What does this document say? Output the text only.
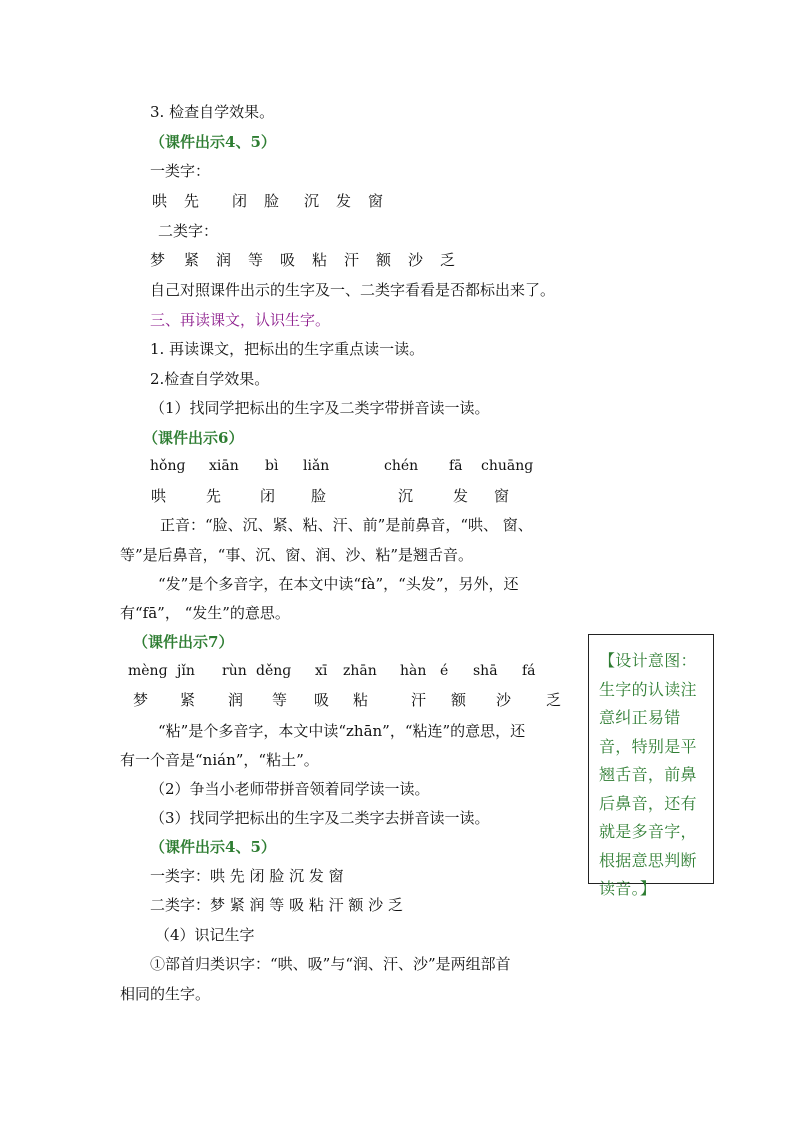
3. 检查自学效果。
（课件出示4、5）
一类字：
哄 先 闭 脸 沉 发 窗
二类字：
梦 紧 润 等 吸 粘 汗 额 沙 乏
自己对照课件出示的生字及一、二类字看看是否都标出来了。
三、再读课文，认识生字。
1. 再读课文，把标出的生字重点读一读。
2.检查自学效果。
（1）找同学把标出的生字及二类字带拼音读一读。
（课件出示6）
hǒnɡ xiān bì liǎn	chén fā chuānɡ
哄	先	闭 脸	沉	发 窗
正音：“脸、沉、紧、粘、汗、前”是前鼻音，“哄、 窗、
等”是后鼻音，“事、沉、窗、润、沙、粘”是翘舌音。
“发”是个多音字，在本文中读“fà”，“头发”，另外，还
有“fā”， “发生”的意思。
（课件出示7）
mènɡ jǐn rùn děnɡ xī zhān hàn é shā fá
梦 紧 润 等 吸 粘	汗 额 沙 乏
“粘”是个多音字，本文中读“zhān”，“粘连”的意思，还
有一个音是“nián”，“粘土”。
（2）争当小老师带拼音领着同学读一读。
（3）找同学把标出的生字及二类字去拼音读一读。
（课件出示4、5）
一类字：哄 先 闭 脸 沉 发 窗
二类字：梦 紧 润 等 吸 粘 汗 额 沙 乏
（4）识记生字
①部首归类识字：“哄、吸”与“润、汗、沙”是两组部首
相同的生字。
【设计意图：生字的认读注意纠正易错音，特别是平翘舌音，前鼻后鼻音，还有就是多音字，根据意思判断读音。】
